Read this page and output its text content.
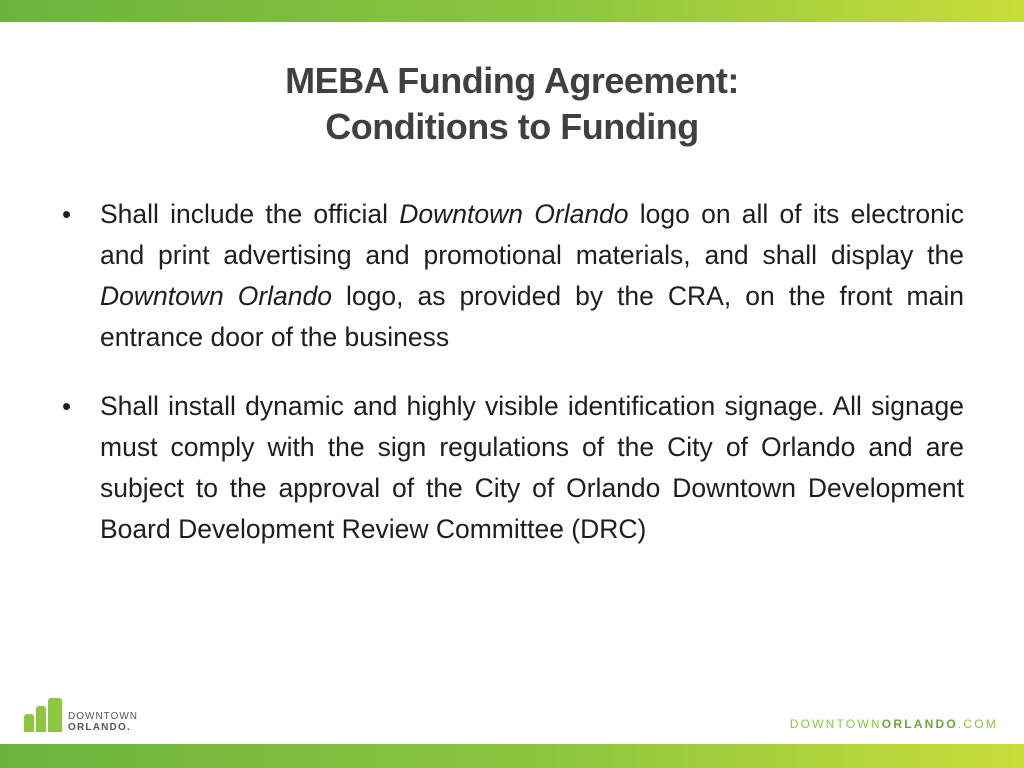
MEBA Funding Agreement:
Conditions to Funding
• Shall include the official Downtown Orlando logo on all of its electronic and print advertising and promotional materials, and shall display the Downtown Orlando logo, as provided by the CRA, on the front main entrance door of the business
• Shall install dynamic and highly visible identification signage. All signage must comply with the sign regulations of the City of Orlando and are subject to the approval of the City of Orlando Downtown Development Board Development Review Committee (DRC)
DOWNTOWN
ORLANDO.	DOWNTOWNORLANDO.COM
